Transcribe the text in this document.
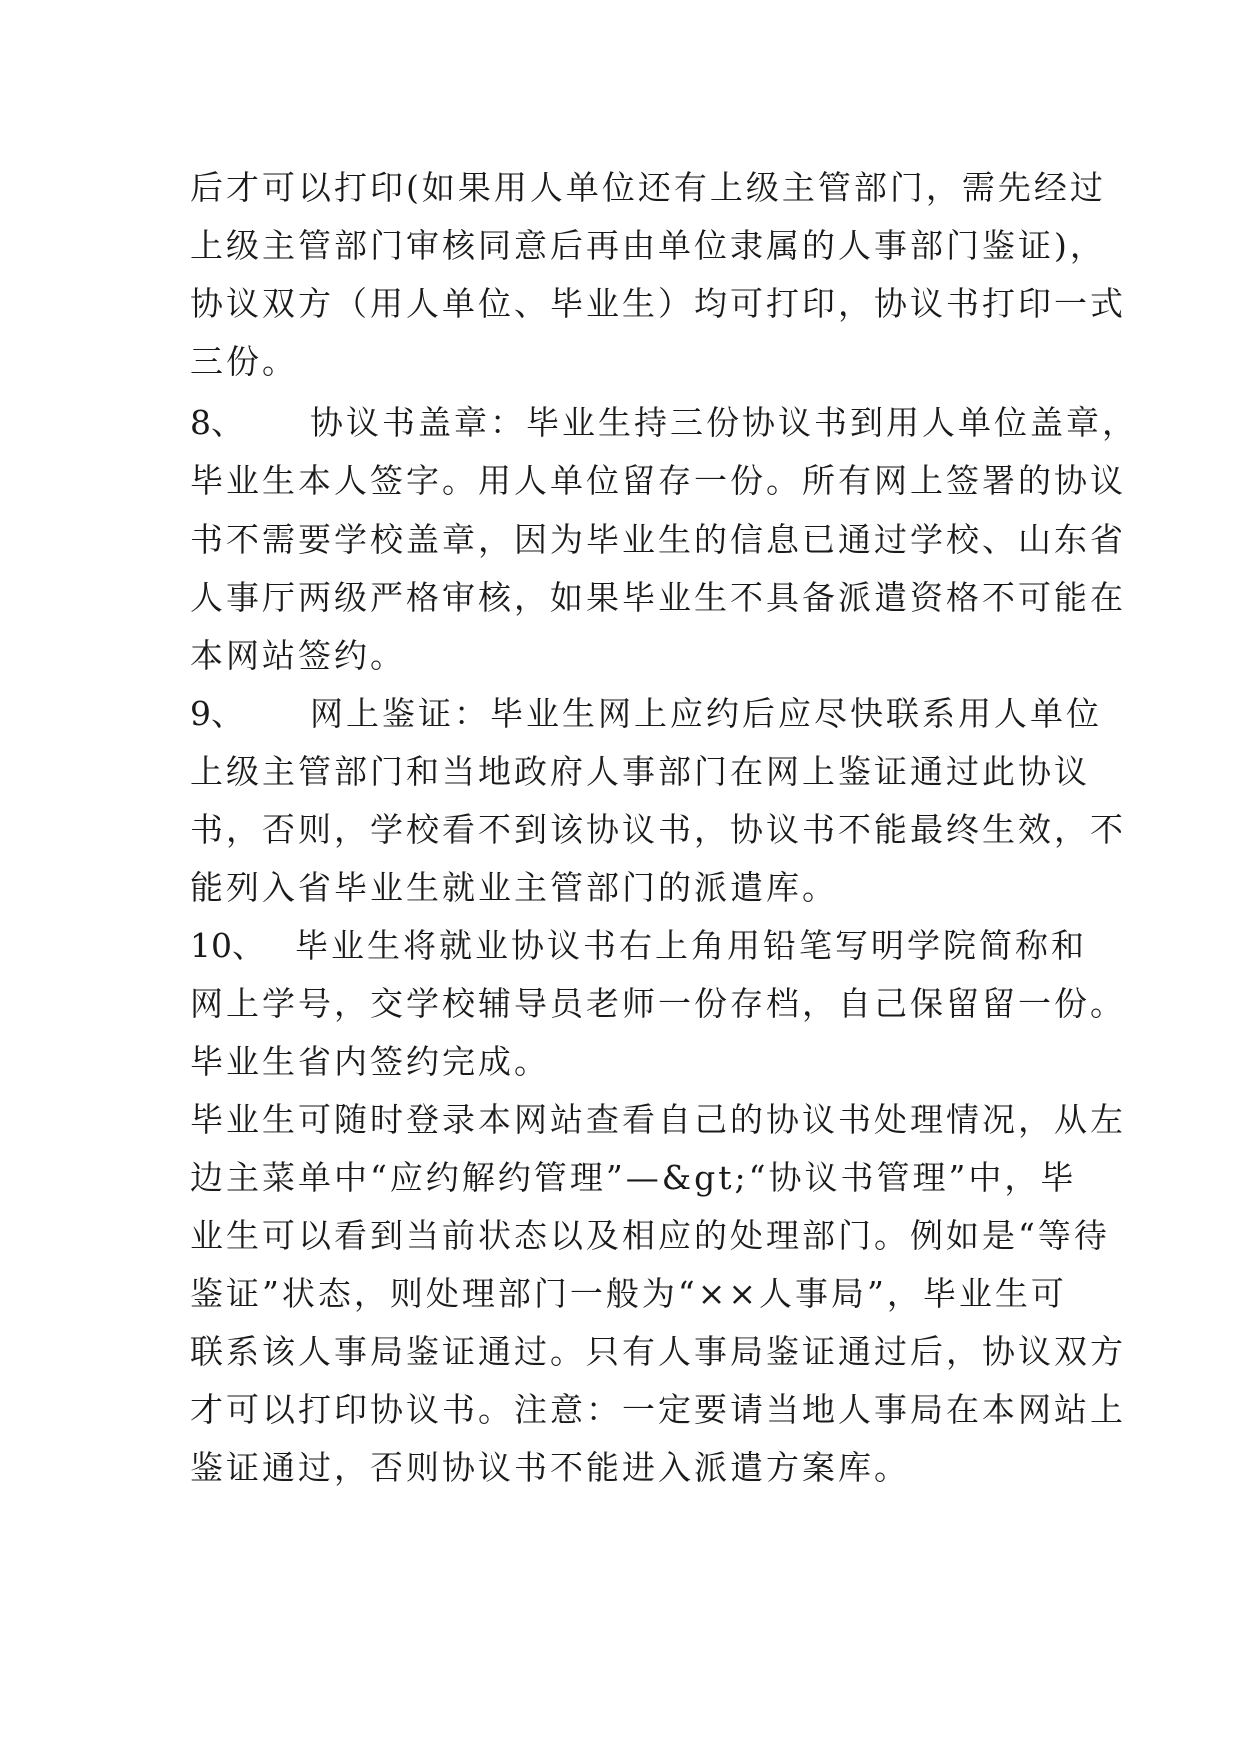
后才可以打印(如果用人单位还有上级主管部门，需先经过
上级主管部门审核同意后再由单位隶属的人事部门鉴证)，
协议双方（用人单位、毕业生）均可打印，协议书打印一式
三份。
8、 协议书盖章：毕业生持三份协议书到用人单位盖章，
毕业生本人签字。用人单位留存一份。所有网上签署的协议
书不需要学校盖章，因为毕业生的信息已通过学校、山东省
人事厅两级严格审核，如果毕业生不具备派遣资格不可能在
本网站签约。
9、 网上鉴证：毕业生网上应约后应尽快联系用人单位
上级主管部门和当地政府人事部门在网上鉴证通过此协议
书，否则，学校看不到该协议书，协议书不能最终生效，不
能列入省毕业生就业主管部门的派遣库。
10、 毕业生将就业协议书右上角用铅笔写明学院简称和
网上学号，交学校辅导员老师一份存档，自己保留留一份。
毕业生省内签约完成。
毕业生可随时登录本网站查看自己的协议书处理情况，从左
边主菜单中“应约解约管理”—&gt;“协议书管理”中，毕
业生可以看到当前状态以及相应的处理部门。例如是“等待
鉴证”状态，则处理部门一般为“××人事局”，毕业生可
联系该人事局鉴证通过。只有人事局鉴证通过后，协议双方
才可以打印协议书。注意：一定要请当地人事局在本网站上
鉴证通过，否则协议书不能进入派遣方案库。
